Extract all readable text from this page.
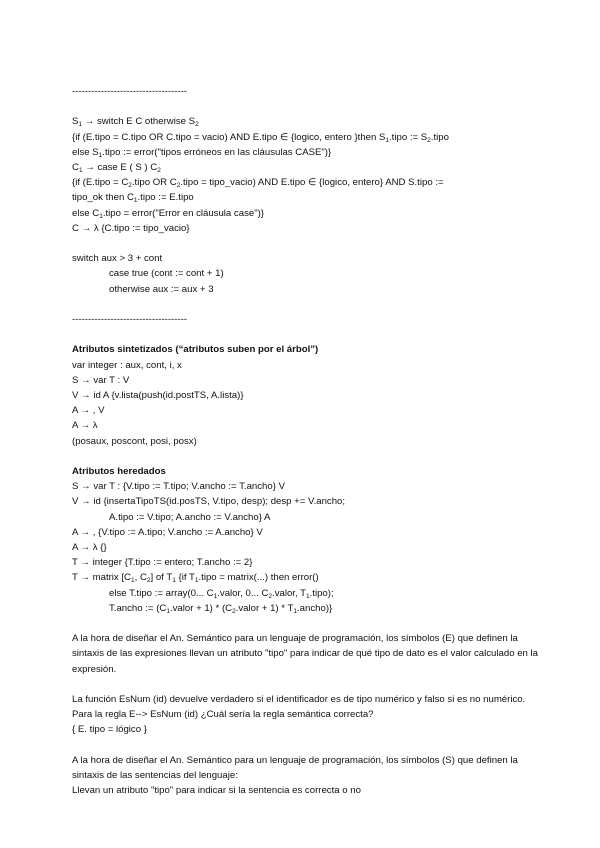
------------------------------------
$S_1$ → switch E C otherwise $S_2$
{if (E.tipo = C.tipo OR C.tipo = vacio) AND E.tipo ∈ {logico, entero }then $S_1.tipo$ := $S_2.tipo$
else $S_1.tipo$ := error("tipos erróneos en las cláusulas CASE")}
$C_1$ → case E ( S ) $C_2$
{if (E.tipo = $C_2.tipo$ OR $C_2.tipo$ = tipo_vacio) AND E.tipo ∈ {logico, entero} AND S.tipo :=
tipo_ok then $C_1.tipo$ := E.tipo
else $C_1.tipo$ = error("Error en cláusula case")}
C → λ {C.tipo := tipo_vacio}
switch aux > 3 + cont
case true (cont := cont + 1)
otherwise aux := aux + 3
------------------------------------
Atributos sintetizados (“atributos suben por el árbol”)
var integer : aux, cont, i, x
S → var T : V
V → id A {v.lista(push(id.postTS, A.lista)}
A → , V
A → λ
(posaux, poscont, posi, posx)
Atributos heredados
S → var T : {V.tipo := T.tipo; V.ancho := T.ancho} V
V → id {insertaTipoTS(id.posTS, V.tipo, desp); desp += V.ancho;
A.tipo := V.tipo; A.ancho := V.ancho} A
A → , {V.tipo := A.tipo; V.ancho := A.ancho} V
A → λ {}
T → integer {T.tipo := entero; T.ancho := 2}
T → matrix [$C_1$, $C_2$] of $T_1$ {if $T_1.tipo$ = matrix(...) then error()
else T.tipo := array(0... $C_1.valor$, 0... $C_2.valor$, $T_1.tipo$);
T.ancho := $(C_1.valor + 1)$ * $(C_2.valor + 1)$ * $T_1.ancho$)}
A la hora de diseñar el An. Semántico para un lenguaje de programación, los símbolos (E) que definen la sintaxis de las expresiones llevan un atributo "tipo" para indicar de qué tipo de dato es el valor calculado en la expresión.
La función EsNum (id) devuelve verdadero si el identificador es de tipo numérico y falso si es no numérico. Para la regla E--> EsNum (id) ¿Cuál sería la regla semántica correcta?
{ E. tipo = lógico }
A la hora de diseñar el An. Semántico para un lenguaje de programación, los símbolos (S) que definen la sintaxis de las sentencias del lenguaje:
Llevan un atributo "tipo" para indicar si la sentencia es correcta o no
